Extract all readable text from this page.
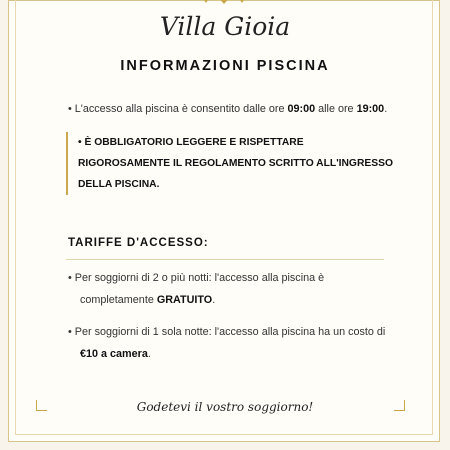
Villa Gioia
INFORMAZIONI PISCINA
• L'accesso alla piscina è consentito dalle ore 09:00 alle ore 19:00.
• È OBBLIGATORIO LEGGERE E RISPETTARE RIGOROSAMENTE IL REGOLAMENTO SCRITTO ALL'INGRESSO DELLA PISCINA.
TARIFFE D'ACCESSO:
• Per soggiorni di 2 o più notti: l'accesso alla piscina è
completamente GRATUITO.
• Per soggiorni di 1 sola notte: l'accesso alla piscina ha un costo di
€10 a camera.
Godetevi il vostro soggiorno!
